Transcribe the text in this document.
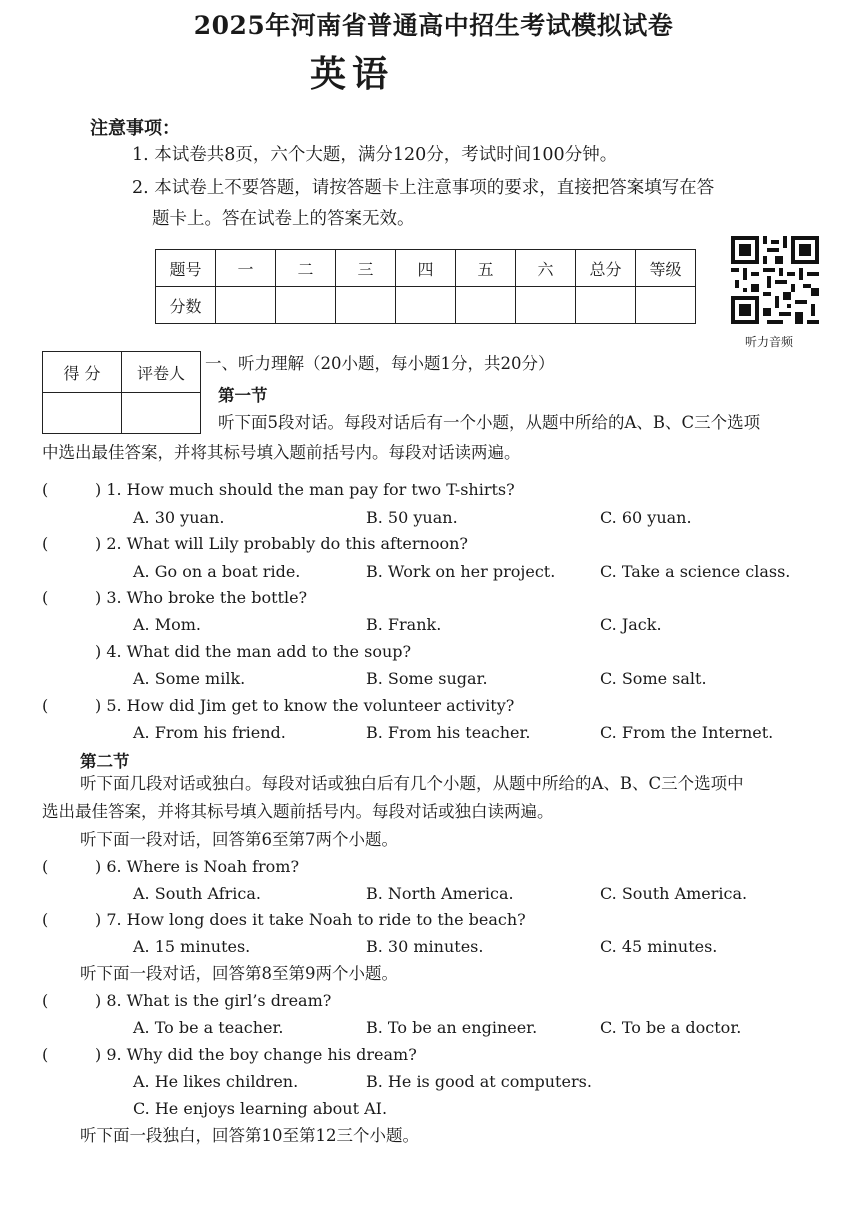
2025年河南省普通高中招生考试模拟试卷
英语
注意事项：
1. 本试卷共8页，六个大题，满分120分，考试时间100分钟。
2. 本试卷上不要答题，请按答题卡上注意事项的要求，直接把答案填写在答
题卡上。答在试卷上的答案无效。
题号	一	二	三	四	五	六	总分	等级
分数								
听力音频
得 分	评卷人
	一、听力理解（20小题，每小题1分，共20分）
第一节
听下面5段对话。每段对话后有一个小题，从题中所给的A、B、C三个选项
中选出最佳答案，并将其标号填入题前括号内。每段对话读两遍。
(	) 1. How much should the man pay for two T-shirts?
A. 30 yuan.	B. 50 yuan.	C. 60 yuan.
(	) 2. What will Lily probably do this afternoon?
A. Go on a boat ride.	B. Work on her project.	C. Take a science class.
(	) 3. Who broke the bottle?
A. Mom.	B. Frank.	C. Jack.
) 4. What did the man add to the soup?
A. Some milk.	B. Some sugar.	C. Some salt.
(	) 5. How did Jim get to know the volunteer activity?
A. From his friend.	B. From his teacher.	C. From the Internet.
第二节
听下面几段对话或独白。每段对话或独白后有几个小题，从题中所给的A、B、C三个选项中
选出最佳答案，并将其标号填入题前括号内。每段对话或独白读两遍。
听下面一段对话，回答第6至第7两个小题。
(	) 6. Where is Noah from?
A. South Africa.	B. North America.	C. South America.
(	) 7. How long does it take Noah to ride to the beach?
A. 15 minutes.	B. 30 minutes.	C. 45 minutes.
听下面一段对话，回答第8至第9两个小题。
(	) 8. What is the girl’s dream?
A. To be a teacher.	B. To be an engineer.	C. To be a doctor.
(	) 9. Why did the boy change his dream?
A. He likes children.	B. He is good at computers.
C. He enjoys learning about AI.
听下面一段独白，回答第10至第12三个小题。
